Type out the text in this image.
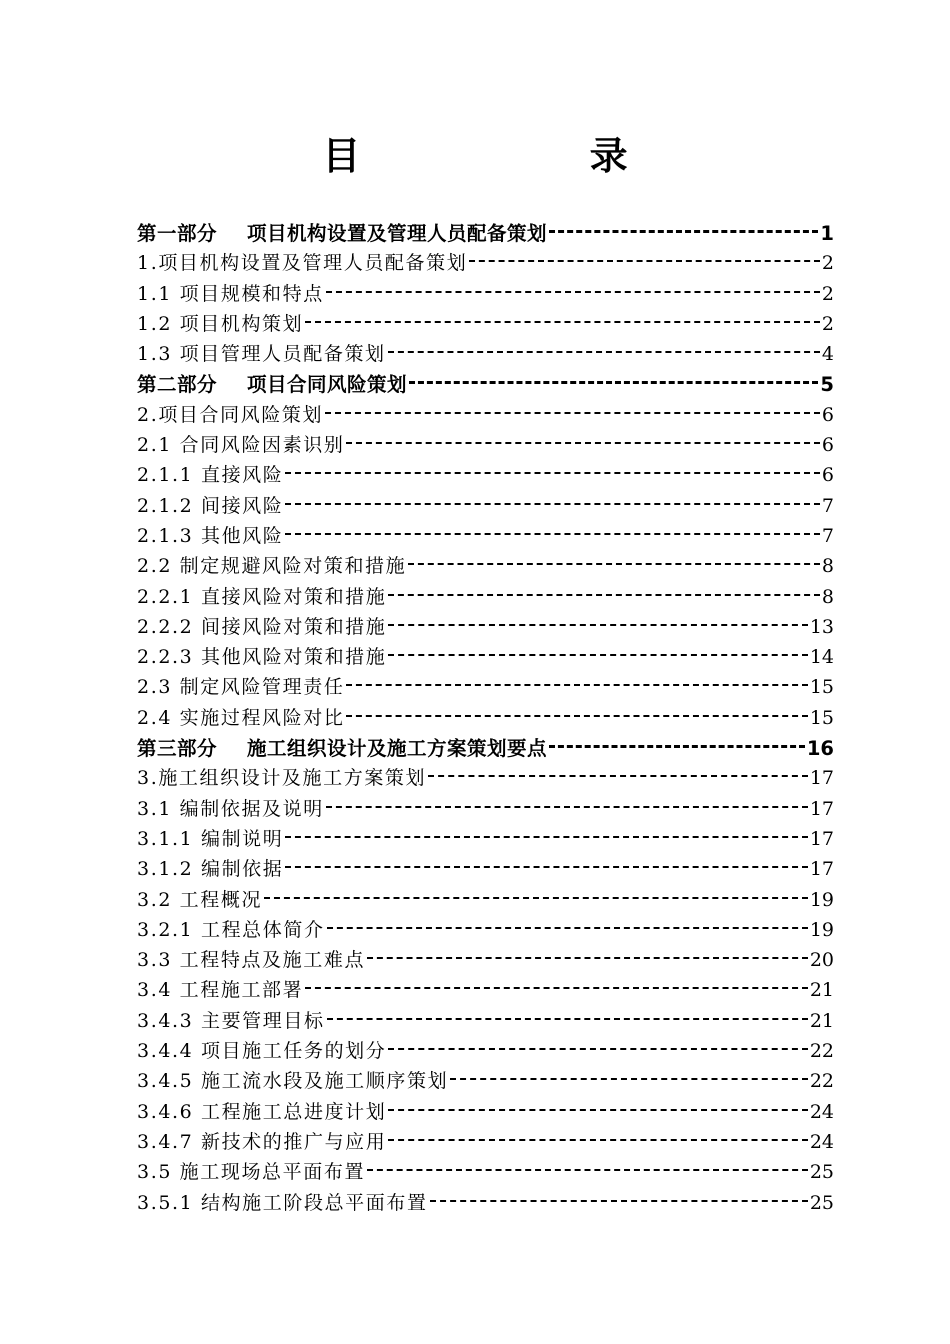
目 录
第一部分 项目机构设置及管理人员配备策划	1
1.项目机构设置及管理人员配备策划	2
1.1 项目规模和特点	2
1.2 项目机构策划	2
1.3 项目管理人员配备策划	4
第二部分 项目合同风险策划	5
2.项目合同风险策划	6
2.1 合同风险因素识别	6
2.1.1 直接风险	6
2.1.2 间接风险	7
2.1.3 其他风险	7
2.2 制定规避风险对策和措施	8
2.2.1 直接风险对策和措施	8
2.2.2 间接风险对策和措施	13
2.2.3 其他风险对策和措施	14
2.3 制定风险管理责任	15
2.4 实施过程风险对比	15
第三部分 施工组织设计及施工方案策划要点	16
3.施工组织设计及施工方案策划	17
3.1 编制依据及说明	17
3.1.1 编制说明	17
3.1.2 编制依据	17
3.2 工程概况	19
3.2.1 工程总体简介	19
3.3 工程特点及施工难点	20
3.4 工程施工部署	21
3.4.3 主要管理目标	21
3.4.4 项目施工任务的划分	22
3.4.5 施工流水段及施工顺序策划	22
3.4.6 工程施工总进度计划	24
3.4.7 新技术的推广与应用	24
3.5 施工现场总平面布置	25
3.5.1 结构施工阶段总平面布置	25
